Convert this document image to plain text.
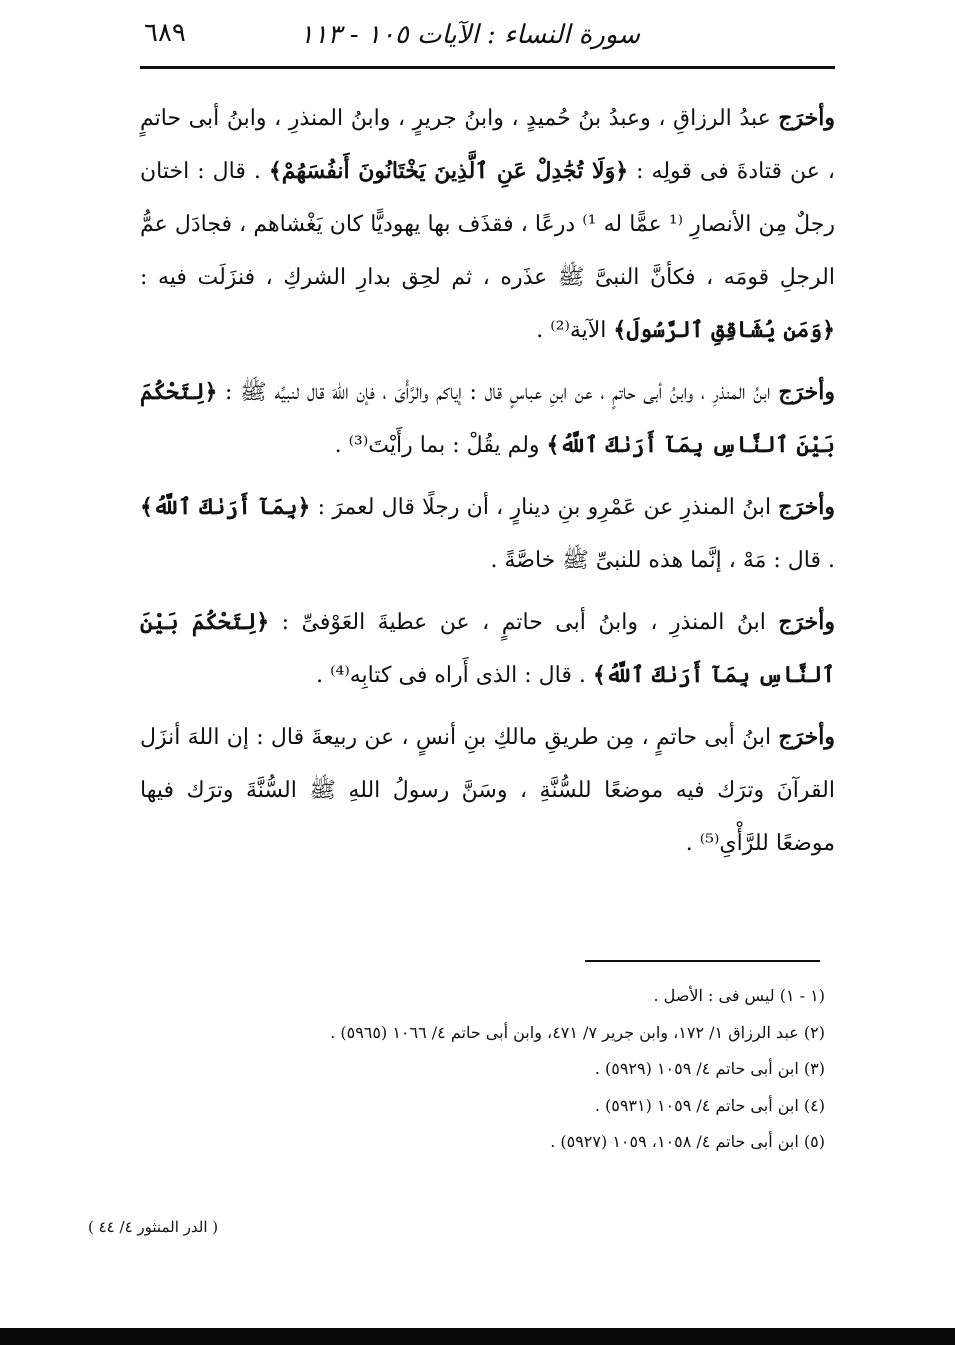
سورة النساء : الآيات ١٠٥ - ١١٣
٦٨٩

وأخرَج عبدُ الرزاقِ ، وعبدُ بنُ حُميدٍ ، وابنُ جريرٍ ، وابنُ المنذرِ ، وابنُ أبى حاتمٍ ، عن قتادةَ فى قولِه : ﴿وَلَا تُجَٰدِلْ عَنِ ٱلَّذِينَ يَخْتَانُونَ أَنفُسَهُمْ﴾ . قال : اختان رجلٌ مِن الأنصارِ ⁽¹ عمًّا له ¹⁾ درعًا ، فقذَف بها يهوديًّا كان يَغْشاهم ، فجادَل عمُّ الرجلِ قومَه ، فكأنَّ النبىَّ ﷺ عذَره ، ثم لحِق بدارِ الشركِ ، فنزَلَت فيه : ﴿وَمَن يُشَاقِقِ ٱلرَّسُولَ﴾ الآية⁽²⁾ .

وأخرَج ابنُ المنذرِ ، وابنُ أبى حاتمٍ ، عن ابنِ عباسٍ قال : إياكم والرَّأْىَ ، فإن اللهَ قال لنبيِّه ﷺ : ﴿لِتَحْكُمَ بَيْنَ ٱلنَّاسِ بِمَآ أَرَىٰكَ ٱللَّهُ﴾ ولم يقُلْ : بما رأَيْتَ⁽³⁾ .

وأخرَج ابنُ المنذرِ عن عَمْرِو بنِ دينارٍ ، أن رجلًا قال لعمرَ : ﴿بِمَآ أَرَىٰكَ ٱللَّهُ﴾ . قال : مَهْ ، إنَّما هذه للنبىِّ ﷺ خاصَّةً .

وأخرَج ابنُ المنذرِ ، وابنُ أبى حاتمٍ ، عن عطيةَ العَوْفىِّ : ﴿لِتَحْكُمَ بَيْنَ ٱلنَّاسِ بِمَآ أَرَىٰكَ ٱللَّهُ﴾ . قال : الذى أَراه فى كتابِه⁽⁴⁾ .

وأخرَج ابنُ أبى حاتمٍ ، مِن طريقِ مالكِ بنِ أنسٍ ، عن ربيعةَ قال : إن اللهَ أنزَل القرآنَ وترَك فيه موضعًا للسُّنَّةِ ، وسَنَّ رسولُ اللهِ ﷺ السُّنَّةَ وترَك فيها موضعًا للرَّأْىِ⁽⁵⁾ .

(١ - ١) ليس فى : الأصل .

(٢) عبد الرزاق ١/ ١٧٢، وابن جرير ٧/ ٤٧١، وابن أبى حاتم ٤/ ١٠٦٦ (٥٩٦٥) .

(٣) ابن أبى حاتم ٤/ ١٠٥٩ (٥٩٢٩) .

(٤) ابن أبى حاتم ٤/ ١٠٥٩ (٥٩٣١) .

(٥) ابن أبى حاتم ٤/ ١٠٥٨، ١٠٥٩ (٥٩٢٧) .

( الدر المنثور ٤/ ٤٤ )
